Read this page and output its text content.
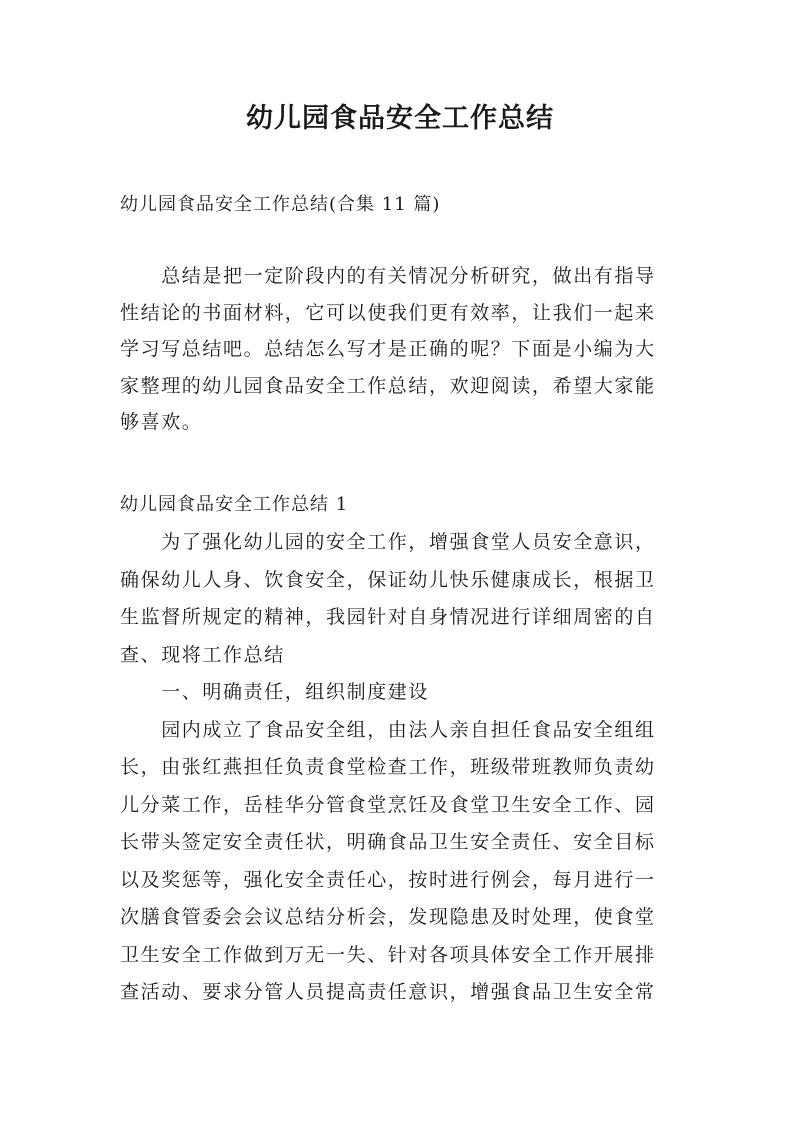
幼儿园食品安全工作总结

幼儿园食品安全工作总结(合集 11 篇)

　　总结是把一定阶段内的有关情况分析研究，做出有指导
性结论的书面材料，它可以使我们更有效率，让我们一起来
学习写总结吧。总结怎么写才是正确的呢？下面是小编为大
家整理的幼儿园食品安全工作总结，欢迎阅读，希望大家能
够喜欢。

幼儿园食品安全工作总结 1

　　为了强化幼儿园的安全工作，增强食堂人员安全意识，
确保幼儿人身、饮食安全，保证幼儿快乐健康成长，根据卫
生监督所规定的精神，我园针对自身情况进行详细周密的自
查、现将工作总结
　　一、明确责任，组织制度建设
　　园内成立了食品安全组，由法人亲自担任食品安全组组
长，由张红燕担任负责食堂检查工作，班级带班教师负责幼
儿分菜工作，岳桂华分管食堂烹饪及食堂卫生安全工作、园
长带头签定安全责任状，明确食品卫生安全责任、安全目标
以及奖惩等，强化安全责任心，按时进行例会，每月进行一
次膳食管委会会议总结分析会，发现隐患及时处理，使食堂
卫生安全工作做到万无一失、针对各项具体安全工作开展排
查活动、要求分管人员提高责任意识，增强食品卫生安全常
